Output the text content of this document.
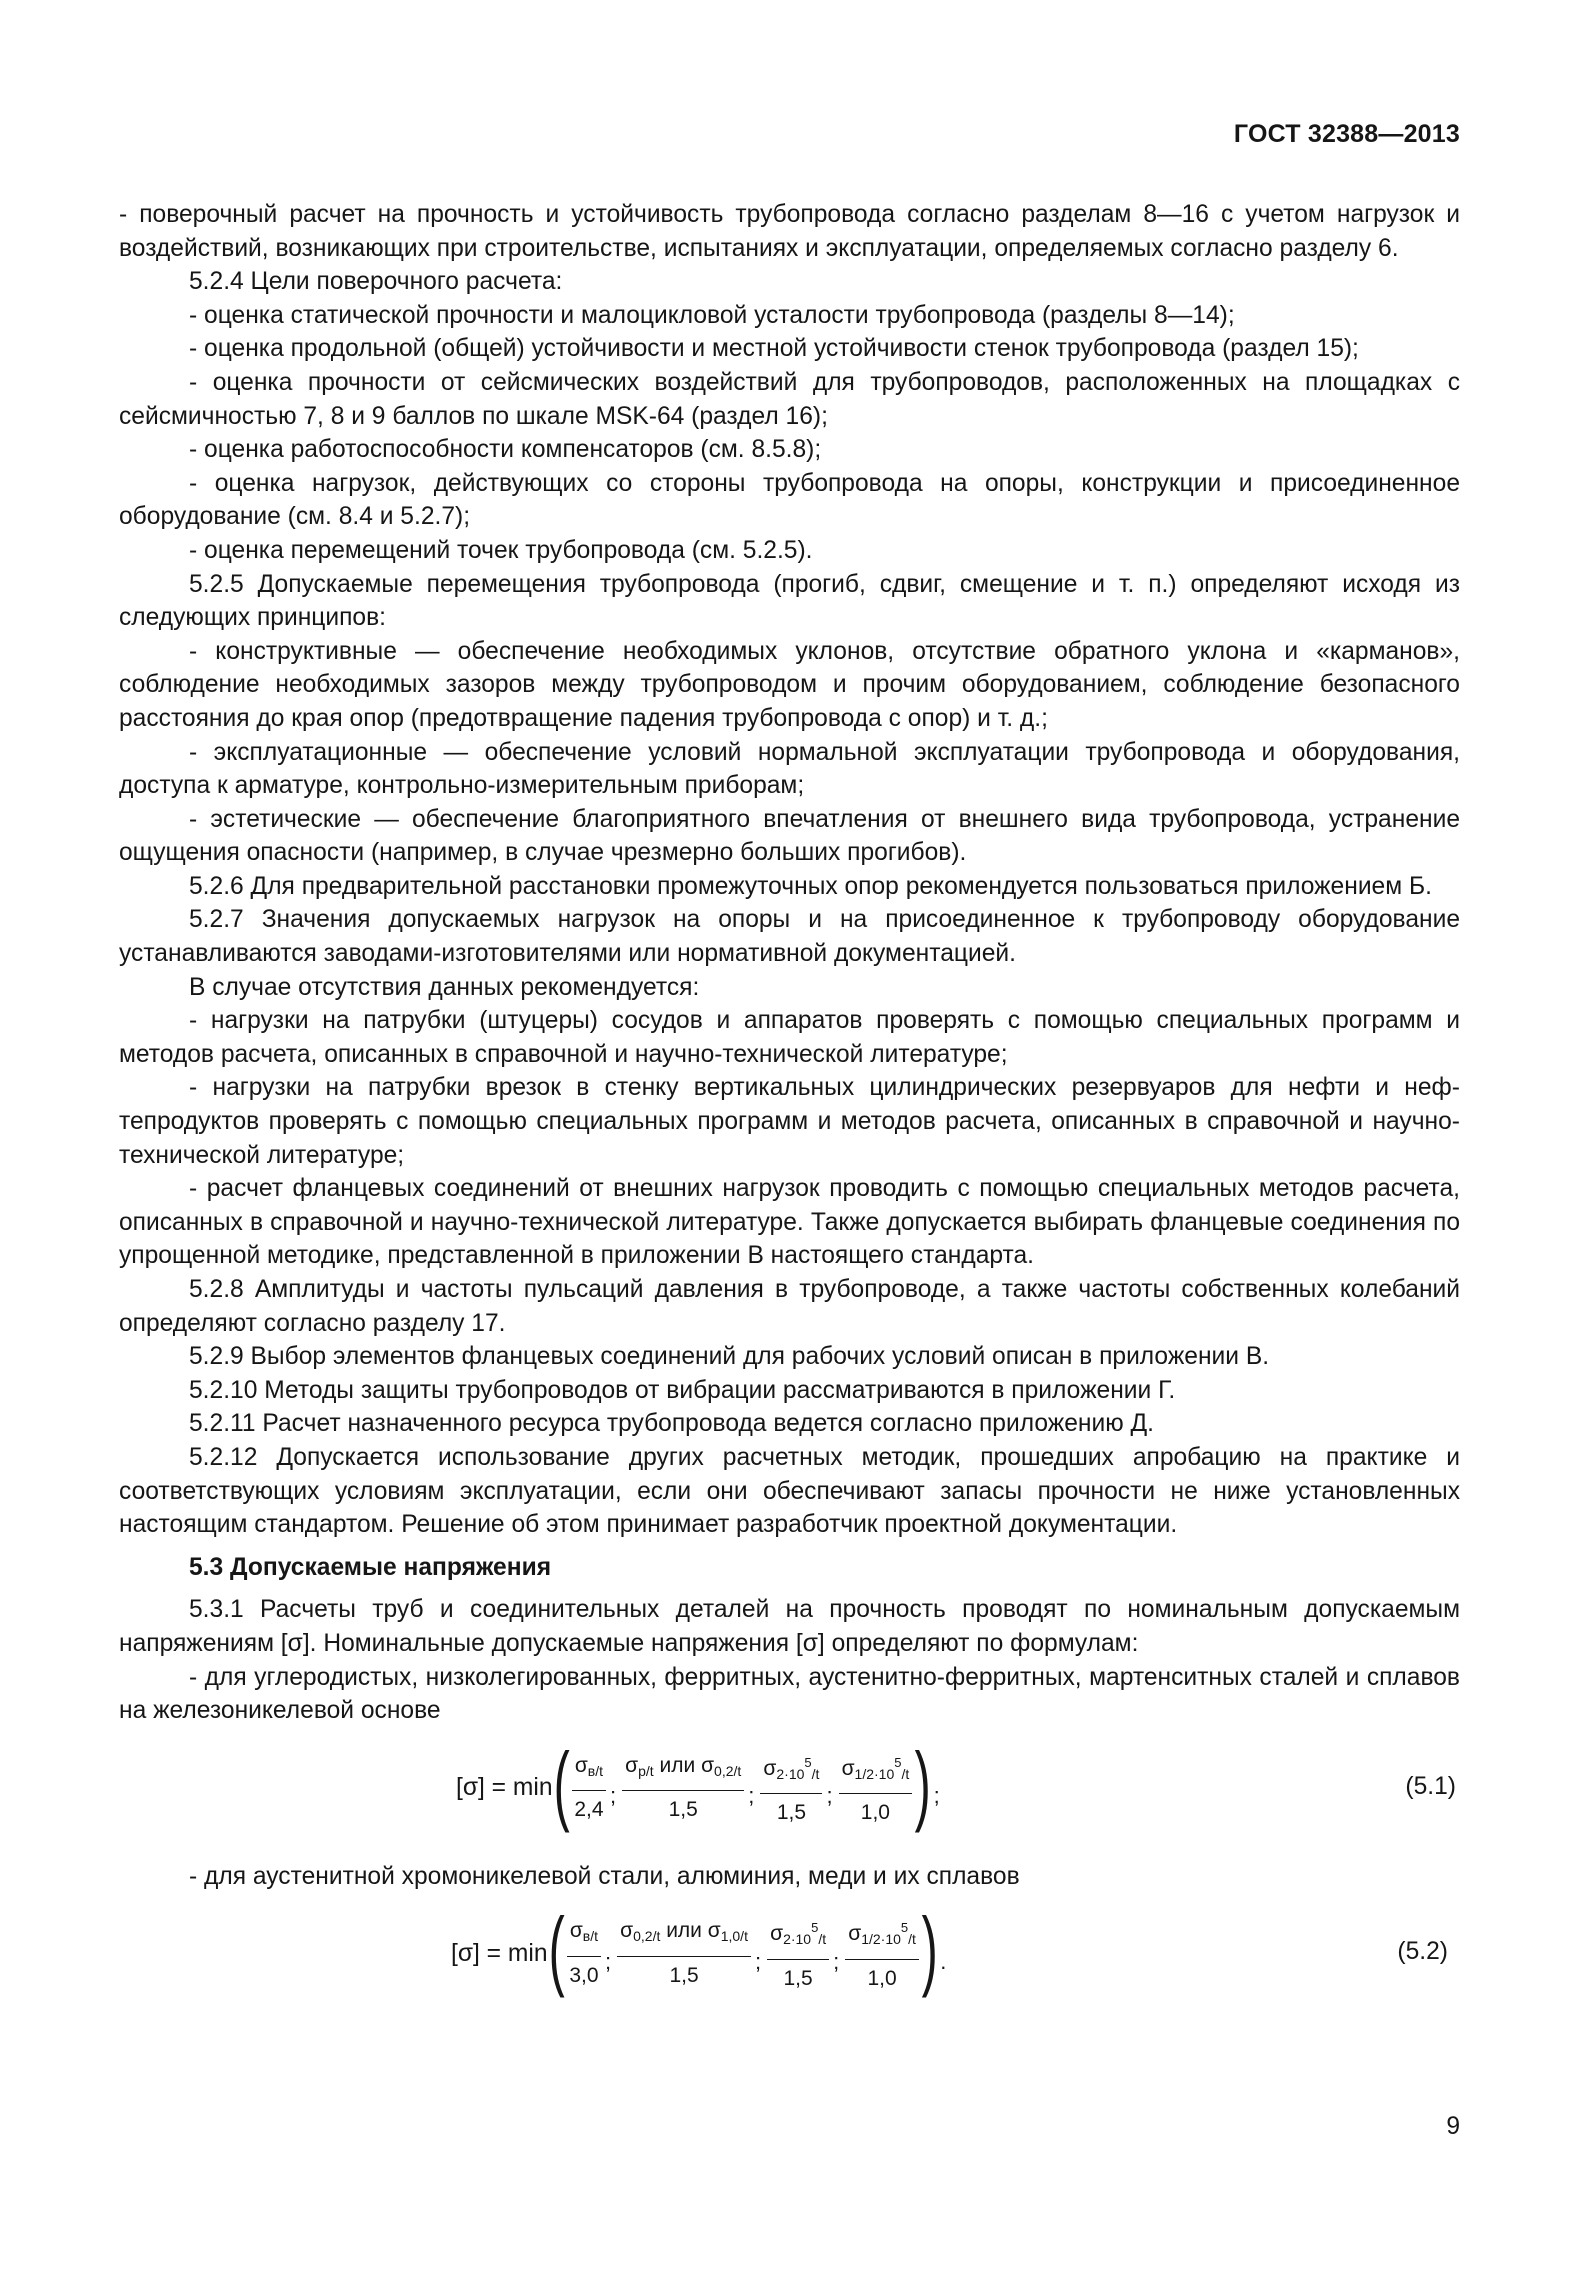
ГОСТ 32388—2013

- поверочный расчет на прочность и устойчивость трубопровода согласно разделам 8—16 с учетом нагрузок и воздействий, возникающих при строительстве, испытаниях и эксплуатации, определяемых согласно разделу 6.

5.2.4 Цели поверочного расчета:

- оценка статической прочности и малоцикловой усталости трубопровода (разделы 8—14);

- оценка продольной (общей) устойчивости и местной устойчивости стенок трубопровода (раздел 15);

- оценка прочности от сейсмических воздействий для трубопроводов, расположенных на площадках с сейсмичностью 7, 8 и 9 баллов по шкале MSK-64 (раздел 16);

- оценка работоспособности компенсаторов (см. 8.5.8);

- оценка нагрузок, действующих со стороны трубопровода на опоры, конструкции и присоединенное оборудование (см. 8.4 и 5.2.7);

- оценка перемещений точек трубопровода (см. 5.2.5).

5.2.5 Допускаемые перемещения трубопровода (прогиб, сдвиг, смещение и т. п.) определяют исходя из следующих принципов:

- конструктивные — обеспечение необходимых уклонов, отсутствие обратного уклона и «карманов», соблюдение необходимых зазоров между трубопроводом и прочим оборудованием, соблюдение безопасного расстояния до края опор (предотвращение падения трубопровода с опор) и т. д.;

- эксплуатационные — обеспечение условий нормальной эксплуатации трубопровода и оборудования, доступа к арматуре, контрольно-измерительным приборам;

- эстетические — обеспечение благоприятного впечатления от внешнего вида трубопровода, устранение ощущения опасности (например, в случае чрезмерно больших прогибов).

5.2.6 Для предварительной расстановки промежуточных опор рекомендуется пользоваться приложением Б.

5.2.7 Значения допускаемых нагрузок на опоры и на присоединенное к трубопроводу оборудование устанавливаются заводами-изготовителями или нормативной документацией.

В случае отсутствия данных рекомендуется:

- нагрузки на патрубки (штуцеры) сосудов и аппаратов проверять с помощью специальных программ и методов расчета, описанных в справочной и научно-технической литературе;

- нагрузки на патрубки врезок в стенку вертикальных цилиндрических резервуаров для нефти и нефтепродуктов проверять с помощью специальных программ и методов расчета, описанных в справочной и научно-технической литературе;

- расчет фланцевых соединений от внешних нагрузок проводить с помощью специальных методов расчета, описанных в справочной и научно-технической литературе. Также допускается выбирать фланцевые соединения по упрощенной методике, представленной в приложении В настоящего стандарта.

5.2.8 Амплитуды и частоты пульсаций давления в трубопроводе, а также частоты собственных колебаний определяют согласно разделу 17.

5.2.9 Выбор элементов фланцевых соединений для рабочих условий описан в приложении В.

5.2.10 Методы защиты трубопроводов от вибрации рассматриваются в приложении Г.

5.2.11 Расчет назначенного ресурса трубопровода ведется согласно приложению Д.

5.2.12 Допускается использование других расчетных методик, прошедших апробацию на практике и соответствующих условиям эксплуатации, если они обеспечивают запасы прочности не ниже установленных настоящим стандартом. Решение об этом принимает разработчик проектной документации.

5.3 Допускаемые напряжения

5.3.1 Расчеты труб и соединительных деталей на прочность проводят по номинальным допускаемым напряжениям [σ]. Номинальные допускаемые напряжения [σ] определяют по формулам:

- для углеродистых, низколегированных, ферритных, аустенитно-ферритных, мартенситных сталей и сплавов на железоникелевой основе

[σ] = min ( $\frac{\sigma_{в/t}}{2,4}$ ; $\frac{\sigma_{p/t} или \sigma_{0,2/t}}{1,5}$ ; $\frac{\sigma_{2\cdot 10}^5_{/t}}{1,5}$ ; $\frac{\sigma_{1/2\cdot 10}^5_{/t}}{1,0}$ ) ;	(5.1)

- для аустенитной хромоникелевой стали, алюминия, меди и их сплавов

[σ] = min ( $\frac{\sigma_{в/t}}{3,0}$ ; $\frac{\sigma_{0,2/t} или \sigma_{1,0/t}}{1,5}$ ; $\frac{\sigma_{2\cdot 10}^5_{/t}}{1,5}$ ; $\frac{\sigma_{1/2\cdot 10}^5_{/t}}{1,0}$ ) .	(5.2)
9
